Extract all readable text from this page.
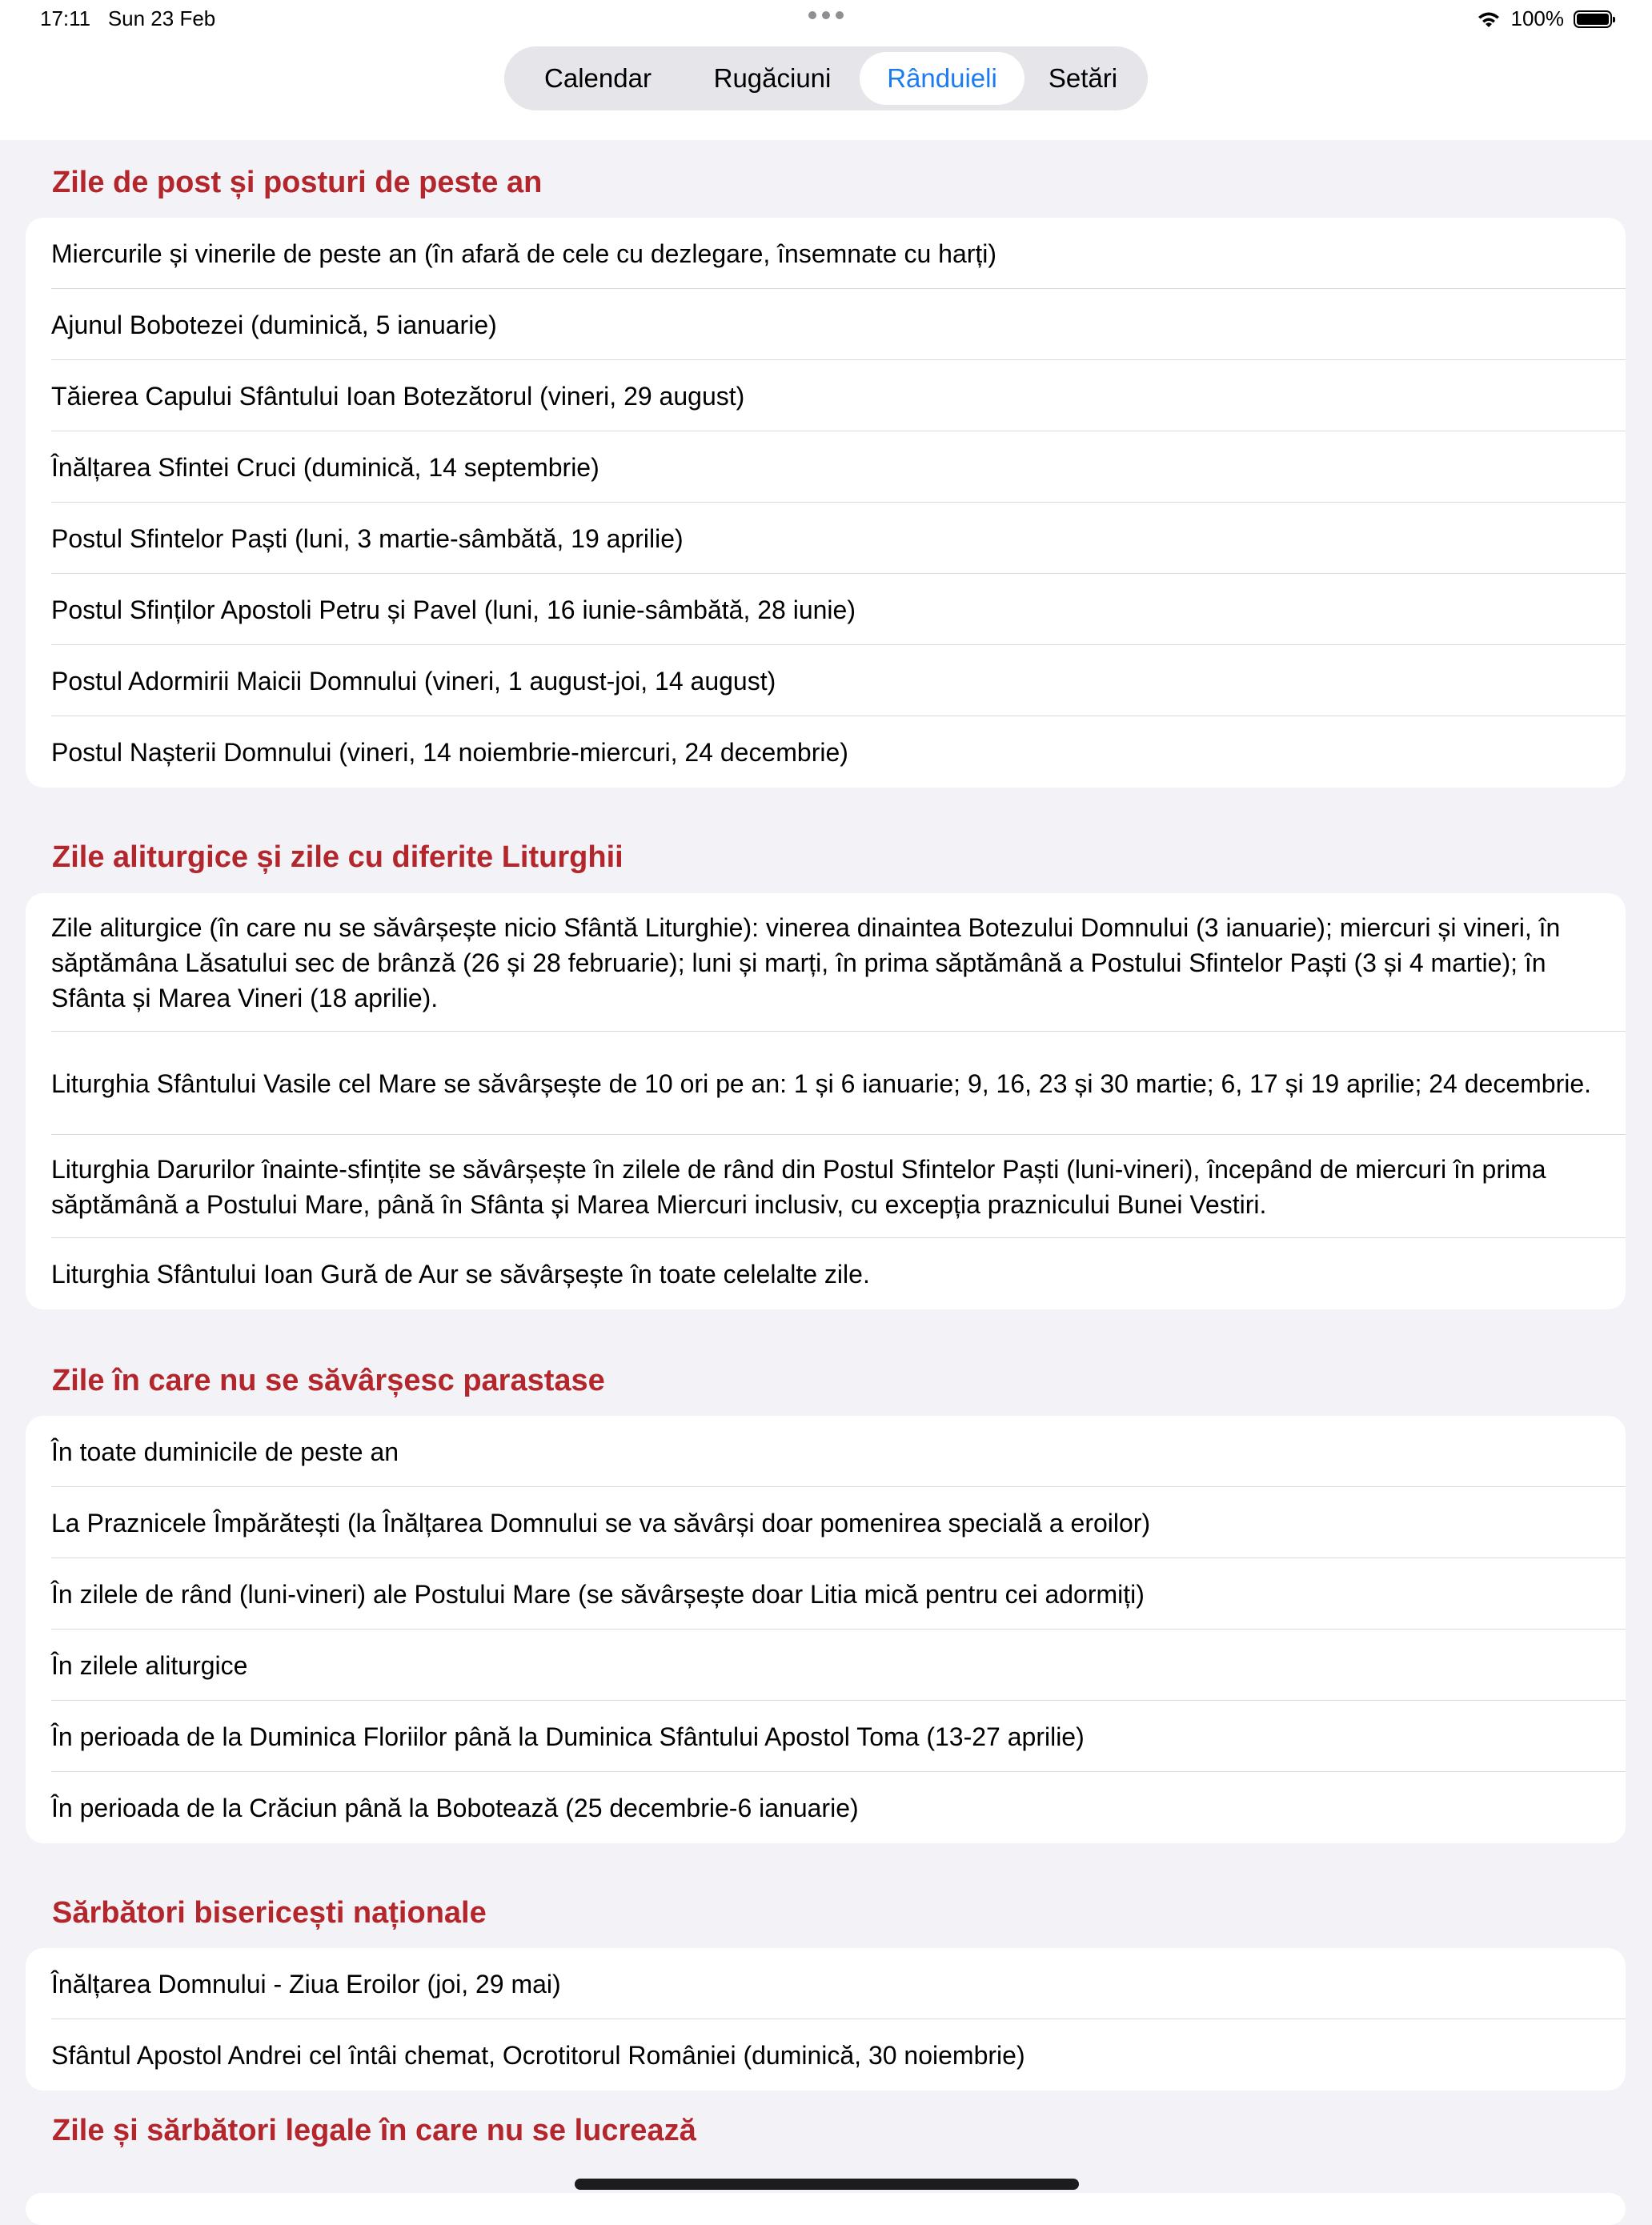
17:11 Sun 23 Feb	100%
Calendar	Rugăciuni	Rânduieli	Setări
Zile de post și posturi de peste an
Miercurile și vinerile de peste an (în afară de cele cu dezlegare, însemnate cu harți)
Ajunul Bobotezei (duminică, 5 ianuarie)
Tăierea Capului Sfântului Ioan Botezătorul (vineri, 29 august)
Înălțarea Sfintei Cruci (duminică, 14 septembrie)
Postul Sfintelor Paști (luni, 3 martie-sâmbătă, 19 aprilie)
Postul Sfinților Apostoli Petru și Pavel (luni, 16 iunie-sâmbătă, 28 iunie)
Postul Adormirii Maicii Domnului (vineri, 1 august-joi, 14 august)
Postul Nașterii Domnului (vineri, 14 noiembrie-miercuri, 24 decembrie)
Zile aliturgice și zile cu diferite Liturghii
Zile aliturgice (în care nu se săvârșește nicio Sfântă Liturghie): vinerea dinaintea Botezului Domnului (3 ianuarie); miercuri și vineri, în săptămâna Lăsatului sec de brânză (26 și 28 februarie); luni și marți, în prima săptămână a Postului Sfintelor Paști (3 și 4 martie); în Sfânta și Marea Vineri (18 aprilie).
Liturghia Sfântului Vasile cel Mare se săvârșește de 10 ori pe an: 1 și 6 ianuarie; 9, 16, 23 și 30 martie; 6, 17 și 19 aprilie; 24 decembrie.
Liturghia Darurilor înainte-sfințite se săvârșește în zilele de rând din Postul Sfintelor Paști (luni-vineri), începând de miercuri în prima săptămână a Postului Mare, până în Sfânta și Marea Miercuri inclusiv, cu excepția praznicului Bunei Vestiri.
Liturghia Sfântului Ioan Gură de Aur se săvârșește în toate celelalte zile.
Zile în care nu se săvârșesc parastase
În toate duminicile de peste an
La Praznicele Împărătești (la Înălțarea Domnului se va săvârși doar pomenirea specială a eroilor)
În zilele de rând (luni-vineri) ale Postului Mare (se săvârșește doar Litia mică pentru cei adormiți)
În zilele aliturgice
În perioada de la Duminica Floriilor până la Duminica Sfântului Apostol Toma (13-27 aprilie)
În perioada de la Crăciun până la Bobotează (25 decembrie-6 ianuarie)
Sărbători bisericești naționale
Înălțarea Domnului - Ziua Eroilor (joi, 29 mai)
Sfântul Apostol Andrei cel întâi chemat, Ocrotitorul României (duminică, 30 noiembrie)
Zile și sărbători legale în care nu se lucrează
